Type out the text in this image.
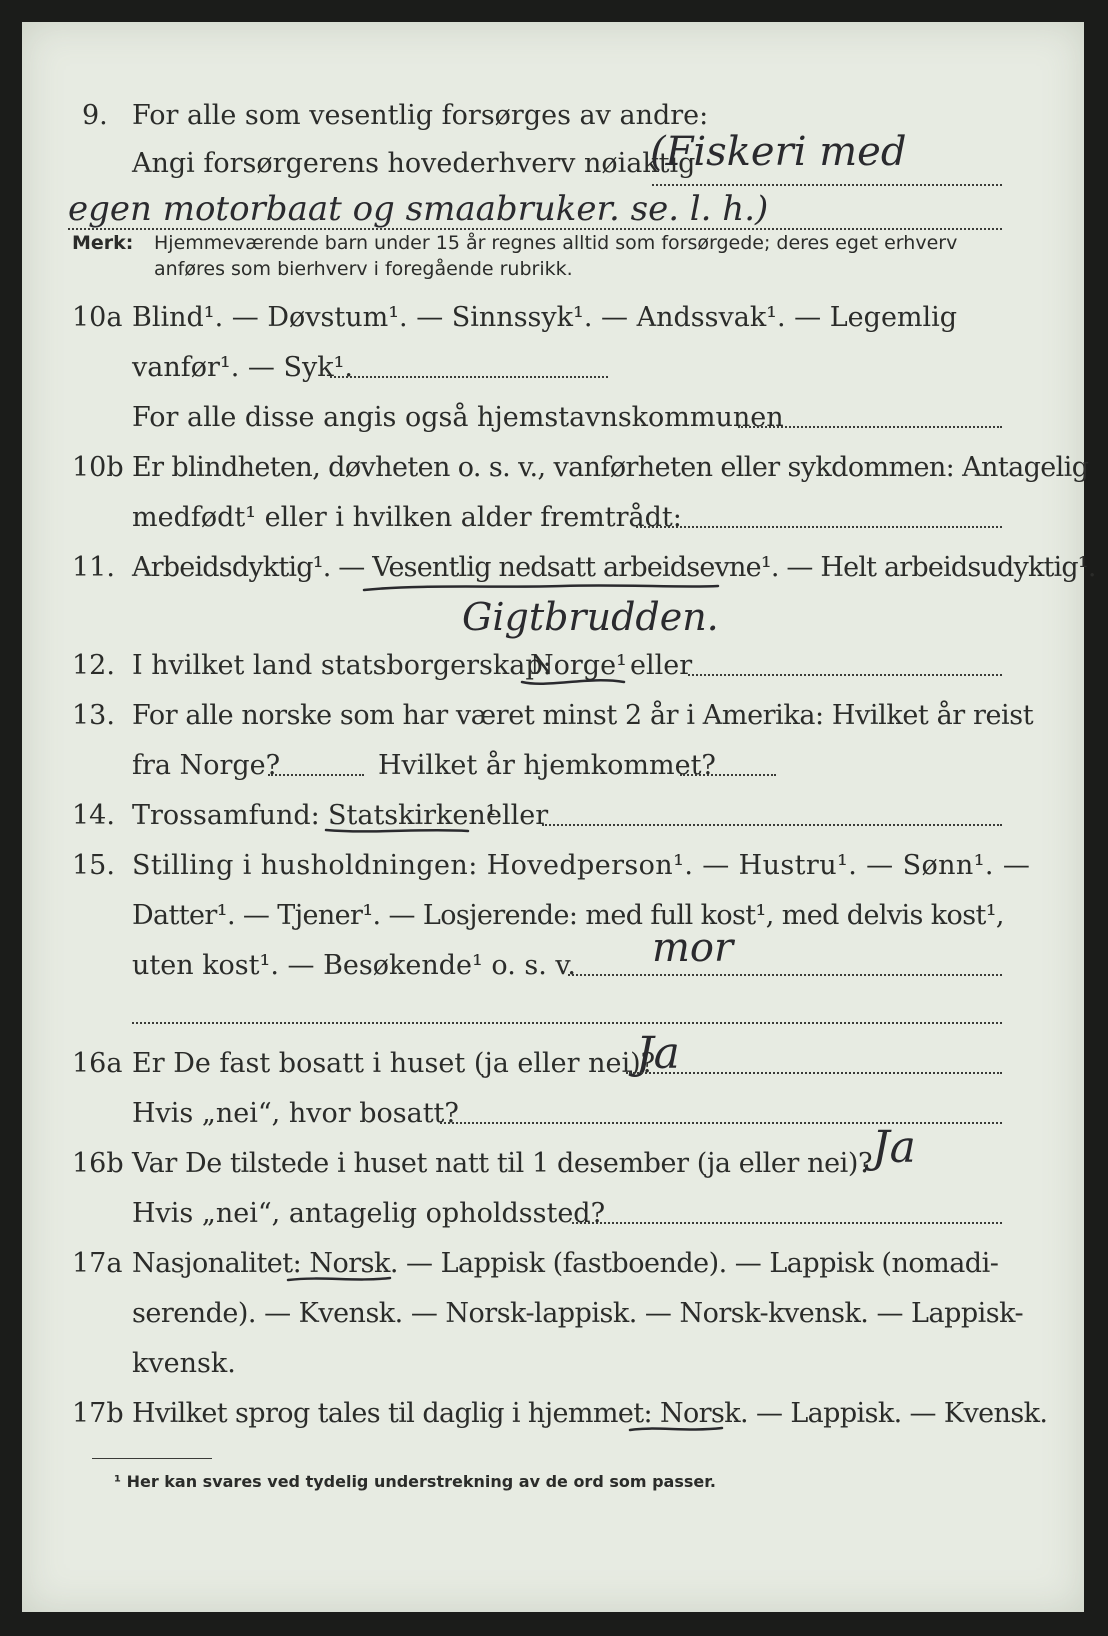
9. For alle som vesentlig forsørges av andre:
Angi forsørgerens hovederhverv nøiaktig
(Fiskeri med
egen motorbaat og smaabruker. se. l. h.)
Merk: Hjemmeværende barn under 15 år regnes alltid som forsørgede; deres eget erhverv
anføres som bierhverv i foregående rubrikk.
10a Blind¹. — Døvstum¹. — Sinnssyk¹. — Andssvak¹. — Legemlig
vanfør¹. — Syk¹.
For alle disse angis også hjemstavnskommunen
10b Er blindheten, døvheten o. s. v., vanførheten eller sykdommen: Antagelig
medfødt¹ eller i hvilken alder fremtrådt:
11. Arbeidsdyktig¹. — Vesentlig nedsatt arbeidsevne¹. — Helt arbeidsudyktig¹.
Gigtbrudden.
12. I hvilket land statsborgerskap:
Norge¹ eller
13. For alle norske som har været minst 2 år i Amerika: Hvilket år reist
fra Norge?	Hvilket år hjemkommet?
14. Trossamfund: Statskirken¹
eller
15. Stilling i husholdningen: Hovedperson¹. — Hustru¹. — Sønn¹. —
Datter¹. — Tjener¹. — Losjerende: med full kost¹, med delvis kost¹,
uten kost¹. — Besøkende¹ o. s. v. mor
16a Er De fast bosatt i huset (ja eller nei)?
Ja
Hvis „nei“, hvor bosatt?
16b Var De tilstede i huset natt til 1 desember (ja eller nei)? Ja
Hvis „nei“, antagelig opholdssted?
17a Nasjonalitet: Norsk. — Lappisk (fastboende). — Lappisk (nomadi-
serende). — Kvensk. — Norsk-lappisk. — Norsk-kvensk. — Lappisk-
kvensk.
17b Hvilket sprog tales til daglig i hjemmet: Norsk. — Lappisk. — Kvensk.
¹ Her kan svares ved tydelig understrekning av de ord som passer.
